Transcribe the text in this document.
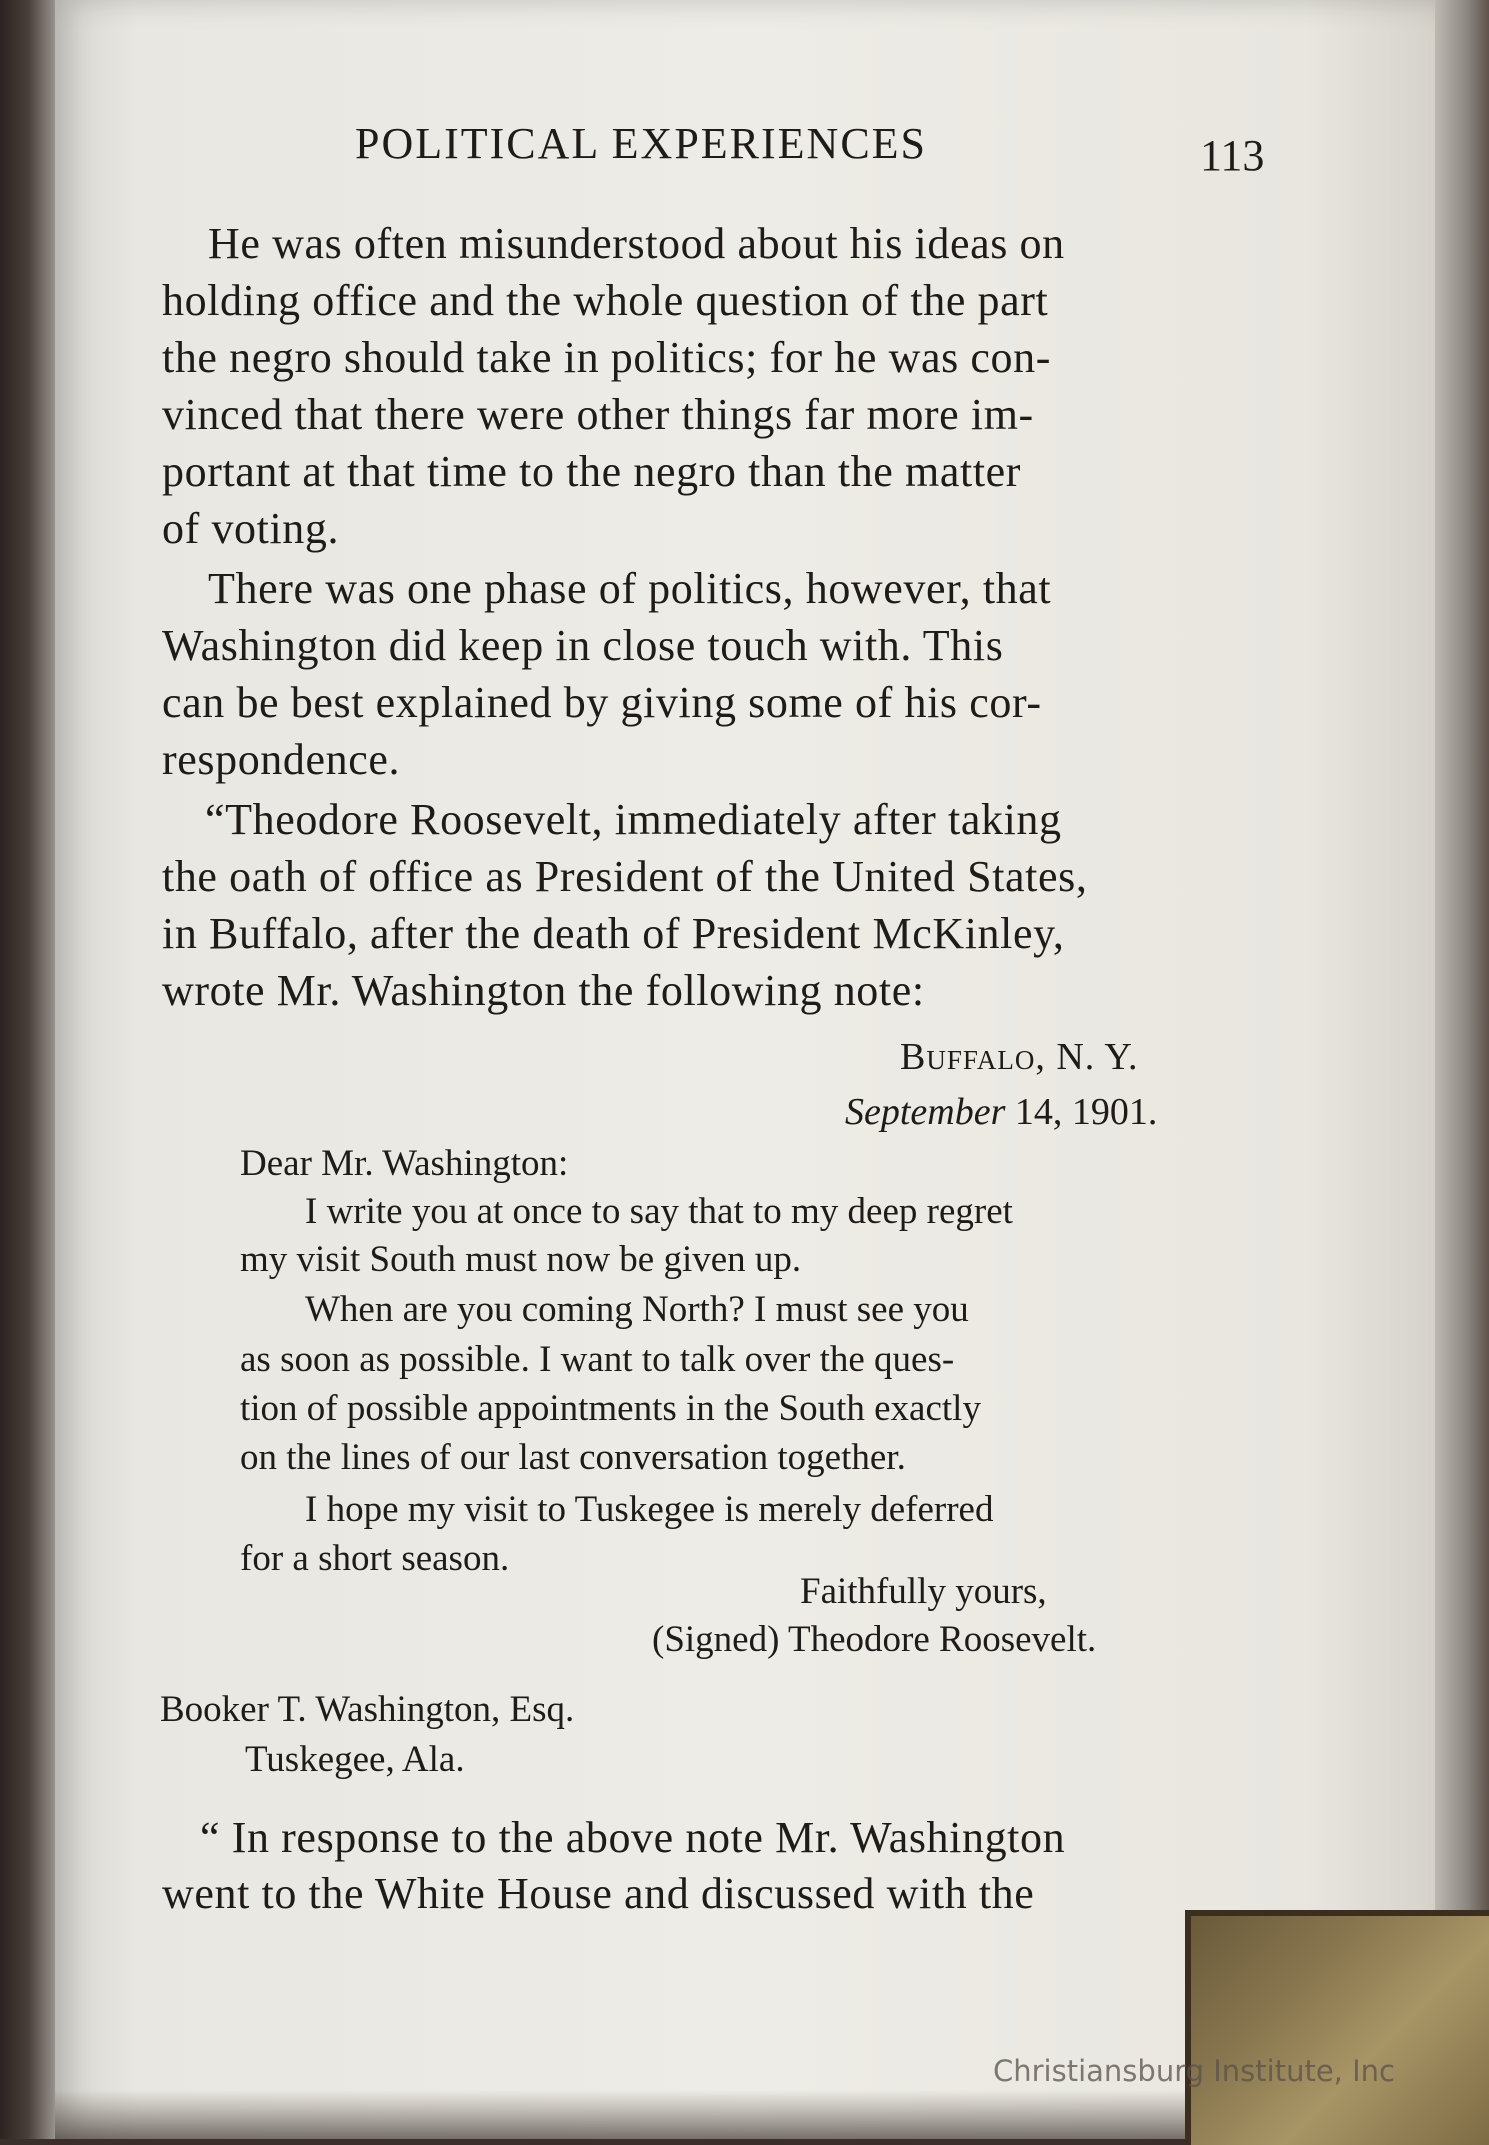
POLITICAL EXPERIENCES	113

He was often misunderstood about his ideas on

holding office and the whole question of the part

the negro should take in politics; for he was con-

vinced that there were other things far more im-

portant at that time to the negro than the matter

of voting.

There was one phase of politics, however, that

Washington did keep in close touch with. This

can be best explained by giving some of his cor-

respondence.

“Theodore Roosevelt, immediately after taking

the oath of office as President of the United States,

in Buffalo, after the death of President McKinley,

wrote Mr. Washington the following note:

Buffalo, N. Y.

September 14, 1901.

Dear Mr. Washington:

I write you at once to say that to my deep regret

my visit South must now be given up.

When are you coming North? I must see you

as soon as possible. I want to talk over the ques-

tion of possible appointments in the South exactly

on the lines of our last conversation together.

I hope my visit to Tuskegee is merely deferred

for a short season.

Faithfully yours,

(Signed) Theodore Roosevelt.

Booker T. Washington, Esq.

Tuskegee, Ala.

“ In response to the above note Mr. Washington

went to the White House and discussed with the

Christiansburg Institute, Inc
